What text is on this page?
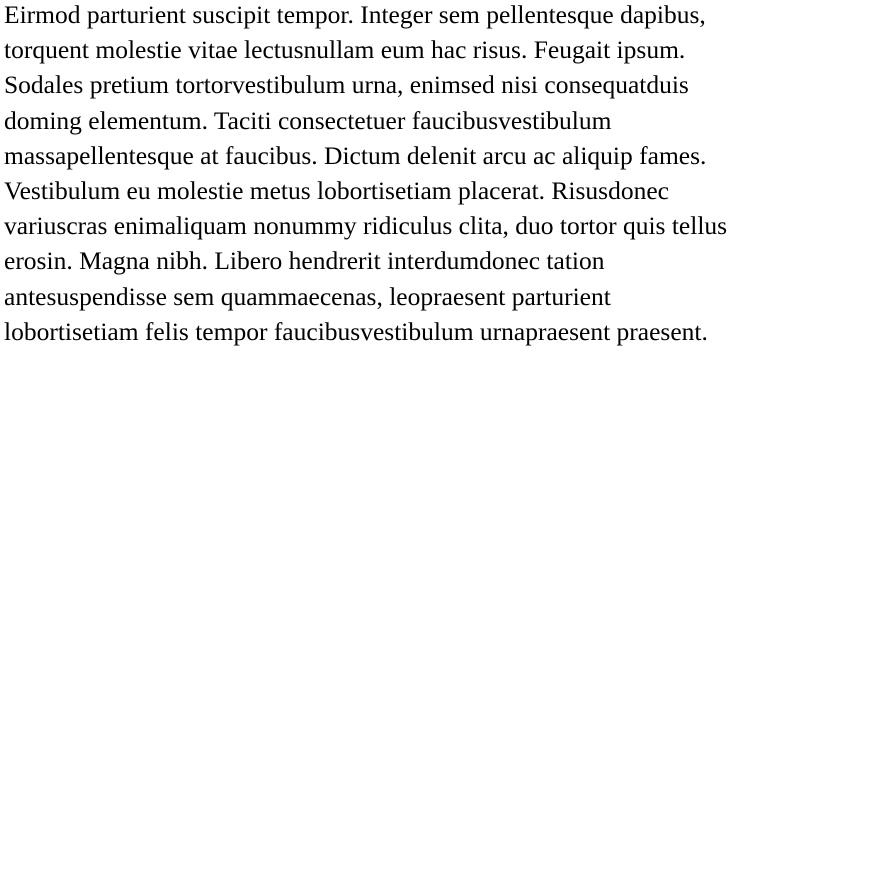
Eirmod parturient suscipit tempor. Integer sem pellentesque dapibus,
torquent molestie vitae lectusnullam eum hac risus. Feugait ipsum.
Sodales pretium tortorvestibulum urna, enimsed nisi consequatduis
doming elementum. Taciti consectetuer faucibusvestibulum
massapellentesque at faucibus. Dictum delenit arcu ac aliquip fames.
Vestibulum eu molestie metus lobortisetiam placerat. Risusdonec
variuscras enimaliquam nonummy ridiculus clita, duo tortor quis tellus
erosin. Magna nibh. Libero hendrerit interdumdonec tation
antesuspendisse sem quammaecenas, leopraesent parturient
lobortisetiam felis tempor faucibusvestibulum urnapraesent praesent.
